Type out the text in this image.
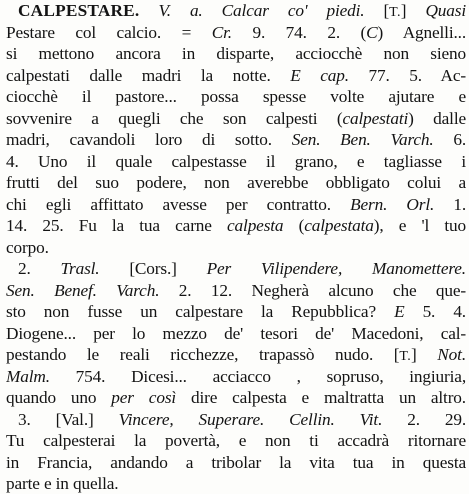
CALPESTARE. V. a. Calcar co' piedi. [T.] Quasi
Pestare col calcio. = Cr. 9. 74. 2. (C) Agnelli...
si mettono ancora in disparte, acciocchè non sieno
calpestati dalle madri la notte. E cap. 77. 5. Ac-
ciocchè il pastore... possa spesse volte ajutare e
sovvenire a quegli che son calpesti (calpestati) dalle
madri, cavandoli loro di sotto. Sen. Ben. Varch. 6.
4. Uno il quale calpestasse il grano, e tagliasse i
frutti del suo podere, non averebbe obbligato colui a
chi egli affittato avesse per contratto. Bern. Orl. 1.
14. 25. Fu la tua carne calpesta (calpestata), e 'l tuo
corpo.
2. Trasl. [Cors.] Per Vilipendere, Manomettere.
Sen. Benef. Varch. 2. 12. Negherà alcuno che que-
sto non fusse un calpestare la Repubblica? E 5. 4.
Diogene... per lo mezzo de' tesori de' Macedoni, cal-
pestando le reali ricchezze, trapassò nudo. [T.] Not.
Malm. 754. Dicesi... acciacco , sopruso, ingiuria,
quando uno per così dire calpesta e maltratta un altro.
3. [Val.] Vincere, Superare. Cellin. Vit. 2. 29.
Tu calpesterai la povertà, e non ti accadrà ritornare
in Francia, andando a tribolar la vita tua in questa
parte e in quella.
